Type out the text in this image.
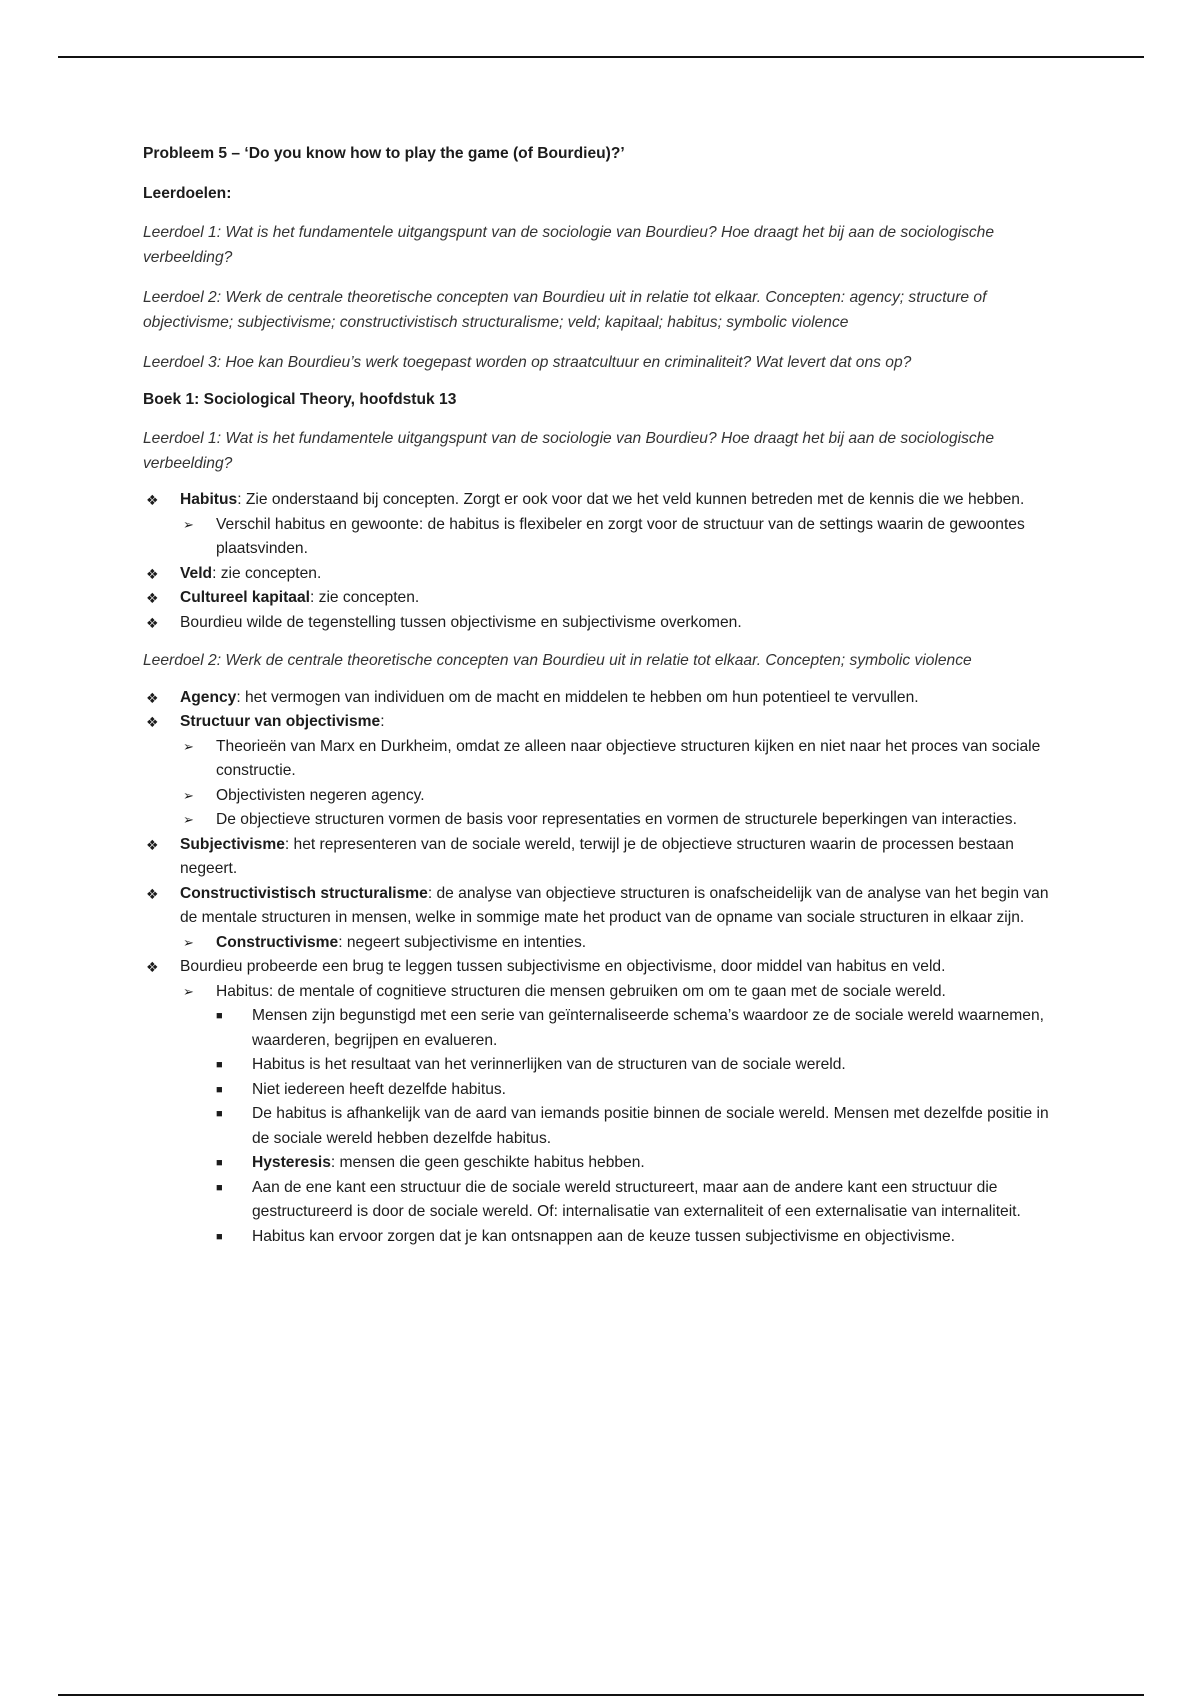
Probleem 5 – ‘Do you know how to play the game (of Bourdieu)?’

Leerdoelen:

Leerdoel 1: Wat is het fundamentele uitgangspunt van de sociologie van Bourdieu? Hoe draagt het bij aan de sociologische verbeelding?

Leerdoel 2: Werk de centrale theoretische concepten van Bourdieu uit in relatie tot elkaar. Concepten: agency; structure of objectivisme; subjectivisme; constructivistisch structuralisme; veld; kapitaal; habitus; symbolic violence

Leerdoel 3: Hoe kan Bourdieu’s werk toegepast worden op straatcultuur en criminaliteit? Wat levert dat ons op?

Boek 1: Sociological Theory, hoofdstuk 13

Leerdoel 1: Wat is het fundamentele uitgangspunt van de sociologie van Bourdieu? Hoe draagt het bij aan de sociologische verbeelding?

❖ Habitus: Zie onderstaand bij concepten. Zorgt er ook voor dat we het veld kunnen betreden met de kennis die we hebben.
➢ Verschil habitus en gewoonte: de habitus is flexibeler en zorgt voor de structuur van de settings waarin de gewoontes plaatsvinden.
❖ Veld: zie concepten.
❖ Cultureel kapitaal: zie concepten.
❖ Bourdieu wilde de tegenstelling tussen objectivisme en subjectivisme overkomen.

Leerdoel 2: Werk de centrale theoretische concepten van Bourdieu uit in relatie tot elkaar. Concepten; symbolic violence

❖ Agency: het vermogen van individuen om de macht en middelen te hebben om hun potentieel te vervullen.
❖ Structuur van objectivisme:
➢ Theorieën van Marx en Durkheim, omdat ze alleen naar objectieve structuren kijken en niet naar het proces van sociale constructie.
➢ Objectivisten negeren agency.
➢ De objectieve structuren vormen de basis voor representaties en vormen de structurele beperkingen van interacties.
❖ Subjectivisme: het representeren van de sociale wereld, terwijl je de objectieve structuren waarin de processen bestaan negeert.
❖ Constructivistisch structuralisme: de analyse van objectieve structuren is onafscheidelijk van de analyse van het begin van de mentale structuren in mensen, welke in sommige mate het product van de opname van sociale structuren in elkaar zijn.
➢ Constructivisme: negeert subjectivisme en intenties.
❖ Bourdieu probeerde een brug te leggen tussen subjectivisme en objectivisme, door middel van habitus en veld.
➢ Habitus: de mentale of cognitieve structuren die mensen gebruiken om om te gaan met de sociale wereld.
■ Mensen zijn begunstigd met een serie van geïnternaliseerde schema’s waardoor ze de sociale wereld waarnemen, waarderen, begrijpen en evalueren.
■ Habitus is het resultaat van het verinnerlijken van de structuren van de sociale wereld.
■ Niet iedereen heeft dezelfde habitus.
■ De habitus is afhankelijk van de aard van iemands positie binnen de sociale wereld. Mensen met dezelfde positie in de sociale wereld hebben dezelfde habitus.
■ Hysteresis: mensen die geen geschikte habitus hebben.
■ Aan de ene kant een structuur die de sociale wereld structureert, maar aan de andere kant een structuur die gestructureerd is door de sociale wereld. Of: internalisatie van externaliteit of een externalisatie van internaliteit.
■ Habitus kan ervoor zorgen dat je kan ontsnappen aan de keuze tussen subjectivisme en objectivisme.
